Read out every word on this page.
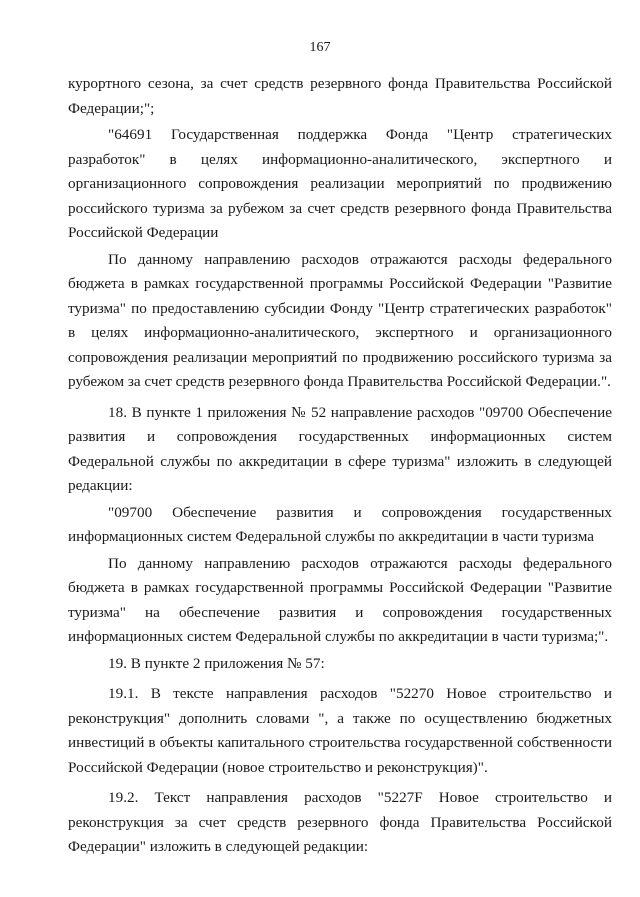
167

курортного сезона, за счет средств резервного фонда Правительства Российской Федерации;";

"64691 Государственная поддержка Фонда "Центр стратегических разработок" в целях информационно-аналитического, экспертного и организационного сопровождения реализации мероприятий по продвижению российского туризма за рубежом за счет средств резервного фонда Правительства Российской Федерации

По данному направлению расходов отражаются расходы федерального бюджета в рамках государственной программы Российской Федерации "Развитие туризма" по предоставлению субсидии Фонду "Центр стратегических разработок" в целях информационно-аналитического, экспертного и организационного сопровождения реализации мероприятий по продвижению российского туризма за рубежом за счет средств резервного фонда Правительства Российской Федерации.".

18. В пункте 1 приложения № 52 направление расходов "09700 Обеспечение развития и сопровождения государственных информационных систем Федеральной службы по аккредитации в сфере туризма" изложить в следующей редакции:

"09700 Обеспечение развития и сопровождения государственных информационных систем Федеральной службы по аккредитации в части туризма

По данному направлению расходов отражаются расходы федерального бюджета в рамках государственной программы Российской Федерации "Развитие туризма" на обеспечение развития и сопровождения государственных информационных систем Федеральной службы по аккредитации в части туризма;".

19. В пункте 2 приложения № 57:

19.1. В тексте направления расходов "52270 Новое строительство и реконструкция" дополнить словами ", а также по осуществлению бюджетных инвестиций в объекты капитального строительства государственной собственности Российской Федерации (новое строительство и реконструкция)".

19.2. Текст направления расходов "5227F Новое строительство и реконструкция за счет средств резервного фонда Правительства Российской Федерации" изложить в следующей редакции:
